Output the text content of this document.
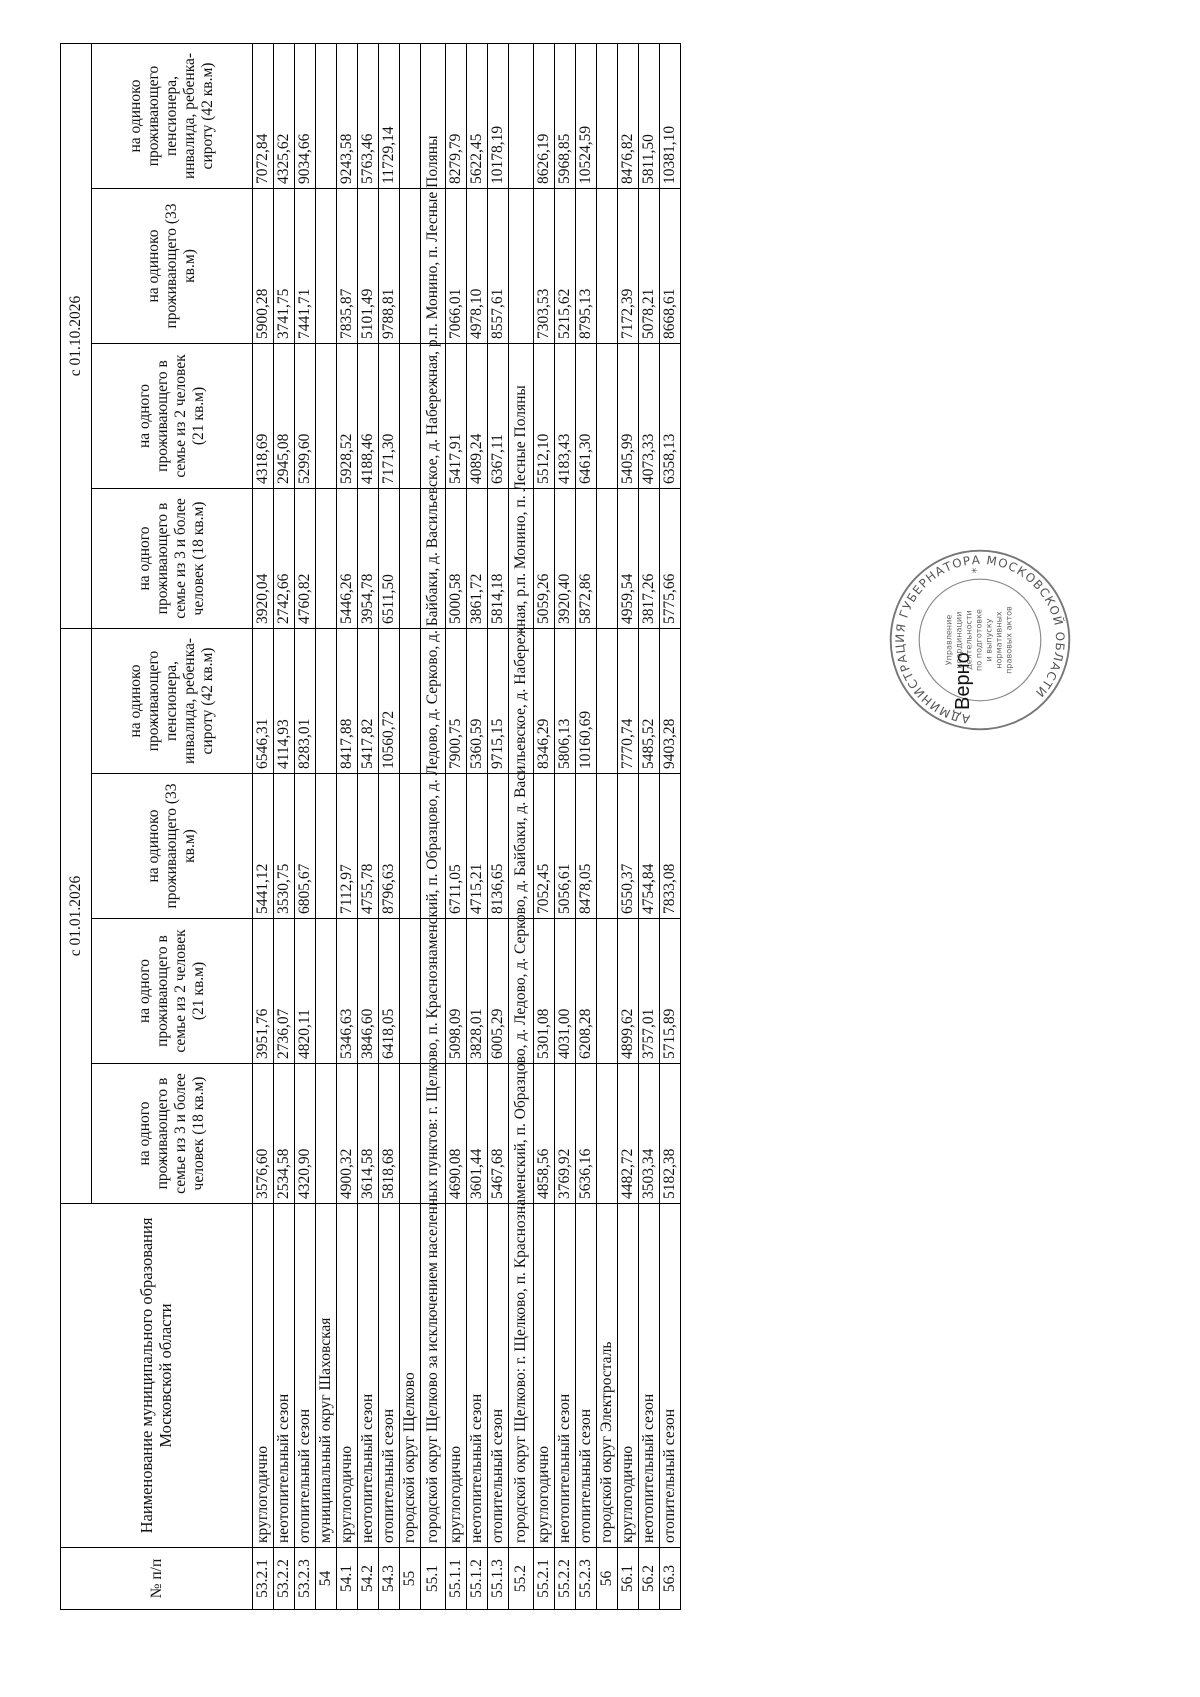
№ п/п	Наименование муниципального образования Московской области	с 01.01.2026				с 01.10.2026			
		на одного проживающего в семье из 3 и более человек (18 кв.м)	на одного проживающего в семье из 2 человек (21 кв.м)	на одиноко проживающего (33 кв.м)	на одиноко проживающего пенсионера, инвалида, ребенка-сироту (42 кв.м)	на одного проживающего в семье из 3 и более человек (18 кв.м)	на одного проживающего в семье из 2 человек (21 кв.м)	на одиноко проживающего (33 кв.м)	на одиноко проживающего пенсионера, инвалида, ребенка-сироту (42 кв.м)
53.2.1	круглогодично	3576,60	3951,76	5441,12	6546,31	3920,04	4318,69	5900,28	7072,84
53.2.2	неотопительный сезон	2534,58	2736,07	3530,75	4114,93	2742,66	2945,08	3741,75	4325,62
53.2.3	отопительный сезон	4320,90	4820,11	6805,67	8283,01	4760,82	5299,60	7441,71	9034,66
54	муниципальный округ Шаховская								
54.1	круглогодично	4900,32	5346,63	7112,97	8417,88	5446,26	5928,52	7835,87	9243,58
54.2	неотопительный сезон	3614,58	3846,60	4755,78	5417,82	3954,78	4188,46	5101,49	5763,46
54.3	отопительный сезон	5818,68	6418,05	8796,63	10560,72	6511,50	7171,30	9788,81	11729,14
55	городской округ Щелково								
55.1	городской округ Щелково за исключением населенных пунктов: г. Щелково, п. Краснознаменский, п. Образцово, д. Ледово, д. Серково, д. Байбаки, д. Васильевское, д. Набережная, р.п. Монино, п. Лесные Поляны								
55.1.1	круглогодично	4690,08	5098,09	6711,05	7900,75	5000,58	5417,91	7066,01	8279,79
55.1.2	неотопительный сезон	3601,44	3828,01	4715,21	5360,59	3861,72	4089,24	4978,10	5622,45
55.1.3	отопительный сезон	5467,68	6005,29	8136,65	9715,15	5814,18	6367,11	8557,61	10178,19
55.2	городской округ Щелково: г. Щелково, п. Краснознаменский, п. Образцово, д. Ледово, д. Серково, д. Байбаки, д. Васильевское, д. Набережная, р.п. Монино, п. Лесные Поляны								
55.2.1	круглогодично	4858,56	5301,08	7052,45	8346,29	5059,26	5512,10	7303,53	8626,19
55.2.2	неотопительный сезон	3769,92	4031,00	5056,61	5806,13	3920,40	4183,43	5215,62	5968,85
55.2.3	отопительный сезон	5636,16	6208,28	8478,05	10160,69	5872,86	6461,30	8795,13	10524,59
56	городской округ Электросталь								
56.1	круглогодично	4482,72	4899,62	6550,37	7770,74	4959,54	5405,99	7172,39	8476,82
56.2	неотопительный сезон	3503,34	3757,01	4754,84	5485,52	3817,26	4073,33	5078,21	5811,50
56.3	отопительный сезон	5182,38	5715,89	7833,08	9403,28	5775,66	6358,13	8668,61	10381,10
АДМИНИСТРАЦИЯ ГУБЕРНАТОРА МОСКОВСКОЙ ОБЛАСТИ
Управление координации деятельности по подготовке и выпуску нормативных правовых актов
*
Верно
